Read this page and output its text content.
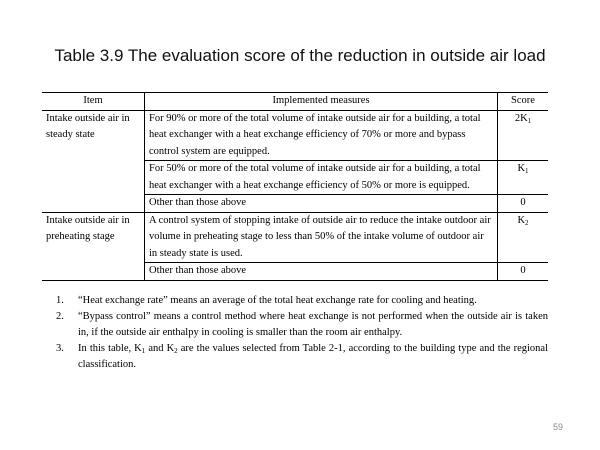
Table 3.9 The evaluation score of the reduction in outside air load
Item	Implemented measures	Score
Intake outside air in steady state	For 90% or more of the total volume of intake outside air for a building, a total heat exchanger with a heat exchange efficiency of 70% or more and bypass control system are equipped.	$2K_1$
	For 50% or more of the total volume of intake outside air for a building, a total heat exchanger with a heat exchange efficiency of 50% or more is equipped.	$K_1$
	Other than those above	0
Intake outside air in preheating stage	A control system of stopping intake of outside air to reduce the intake outdoor air volume in preheating stage to less than 50% of the intake volume of outdoor air in steady state is used.	$K_2$
	Other than those above	0
1.	“Heat exchange rate” means an average of the total heat exchange rate for cooling and heating.
2.	“Bypass control” means a control method where heat exchange is not performed when the outside air is taken in, if the outside air enthalpy in cooling is smaller than the room air enthalpy.
3.	In this table, $K_1$ and $K_2$ are the values selected from Table 2-1, according to the building type and the regional classification.
59
